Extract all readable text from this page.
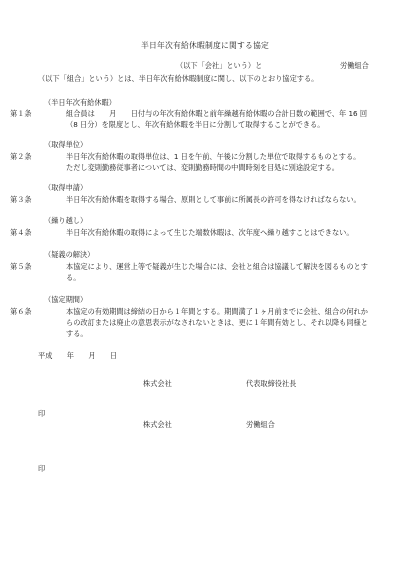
半日年次有給休暇制度に関する協定
（以下「会社」という）と	労働組合
（以下「組合」という）とは、半日年次有給休暇制度に関し、以下のとおり協定する。
（半日年次有給休暇）
第１条	組合員は　　月　　日付与の年次有給休暇と前年繰越有給休暇の合計日数の範囲で、年 16 回（8 日分）を限度とし、年次有給休暇を半日に分割して取得することができる。
（取得単位）
第２条	半日年次有給休暇の取得単位は、1 日を午前、午後に分割した単位で取得するものとする。
ただし変則勤務従事者については、変則勤務時間の中間時刻を目処に別途設定する。
（取得申請）
第３条	半日年次有給休暇を取得する場合、原則として事前に所属長の許可を得なければならない。
（繰り越し）
第４条	半日年次有給休暇の取得によって生じた端数休暇は、次年度へ繰り越すことはできない。
（疑義の解決）
第５条	本協定により、運営上等で疑義が生じた場合には、会社と組合は協議して解決を図るものとする。
（協定期間）
第６条	本協定の有効期間は締結の日から１年間とする。期間満了１ヶ月前までに会社、組合の何れからの改訂または廃止の意思表示がなされないときは、更に１年間有効とし、それ以降も同様とする。
平成　　年　　月　　日
株式会社	代表取締役社長
印
株式会社	労働組合
印
